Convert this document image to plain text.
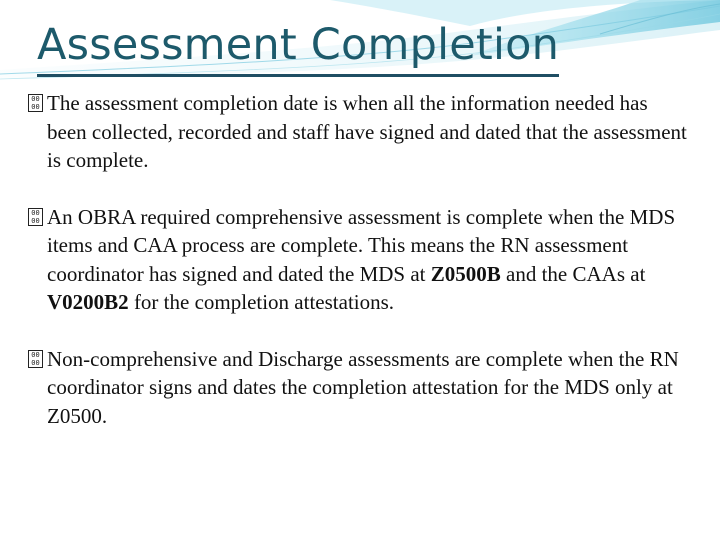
Assessment Completion

00
00 The assessment completion date is when all the information needed has been collected, recorded and staff have signed and dated that the assessment is complete.

00
00 An OBRA required comprehensive assessment is complete when the MDS items and CAA process are complete. This means the RN assessment coordinator has signed and dated the MDS at Z0500B and the CAAs at V0200B2 for the completion attestations.

00
00 Non-comprehensive and Discharge assessments are complete when the RN coordinator signs and dates the completion attestation for the MDS only at Z0500.
